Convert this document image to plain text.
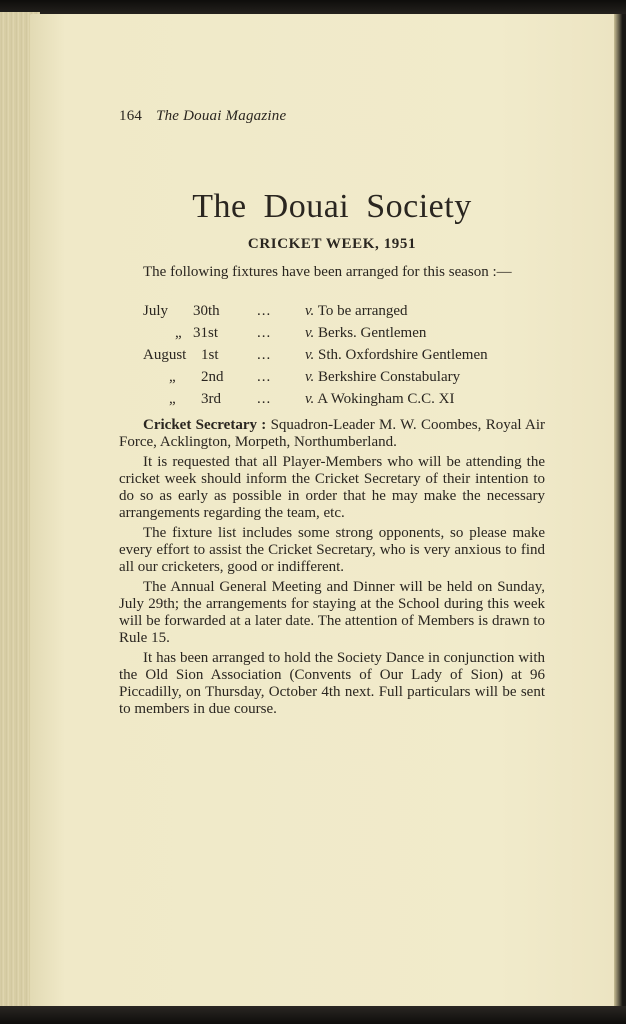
164 The Douai Magazine
The Douai Society
CRICKET WEEK, 1951

The following fixtures have been arranged for this season :—

July 30th ... v. To be arranged
„ 31st	... v. Berks. Gentlemen
August 1st	... v. Sth. Oxfordshire Gentlemen
„ 2nd ... v. Berkshire Constabulary
„ 3rd ... v. A Wokingham C.C. XI

Cricket Secretary : Squadron-Leader M. W. Coombes, Royal Air Force, Acklington, Morpeth, Northumberland.

It is requested that all Player-Members who will be attending the cricket week should inform the Cricket Secretary of their intention to do so as early as possible in order that he may make the necessary arrangements regarding the team, etc.

The fixture list includes some strong opponents, so please make every effort to assist the Cricket Secretary, who is very anxious to find all our cricketers, good or indifferent.

The Annual General Meeting and Dinner will be held on Sunday, July 29th; the arrangements for staying at the School during this week will be forwarded at a later date. The attention of Members is drawn to Rule 15.

It has been arranged to hold the Society Dance in conjunction with the Old Sion Association (Convents of Our Lady of Sion) at 96 Piccadilly, on Thursday, October 4th next. Full particulars will be sent to members in due course.
